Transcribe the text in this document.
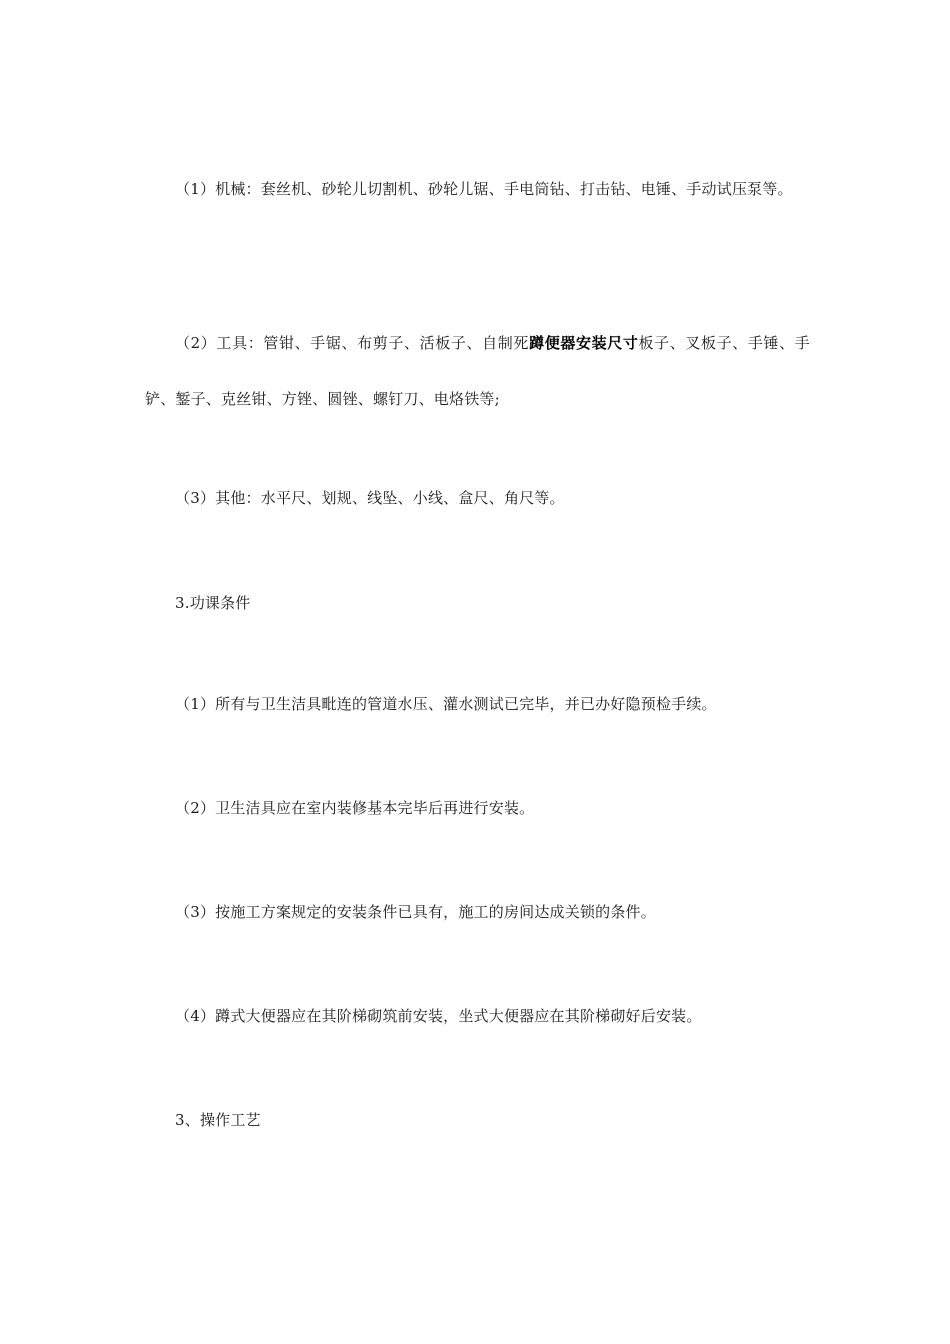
（1）机械：套丝机、砂轮儿切割机、砂轮儿锯、手电筒钻、打击钻、电锤、手动试压泵等。

（2）工具：管钳、手锯、布剪子、活板子、自制死蹲便器安装尺寸板子、叉板子、手锤、手铲、錾子、克丝钳、方锉、圆锉、螺钉刀、电烙铁等;

（3）其他：水平尺、划规、线坠、小线、盒尺、角尺等。

3.功课条件

（1）所有与卫生洁具毗连的管道水压、灌水测试已完毕，并已办好隐预检手续。

（2）卫生洁具应在室内装修基本完毕后再进行安装。

（3）按施工方案规定的安装条件已具有，施工的房间达成关锁的条件。

（4）蹲式大便器应在其阶梯砌筑前安装，坐式大便器应在其阶梯砌好后安装。

3、操作工艺
